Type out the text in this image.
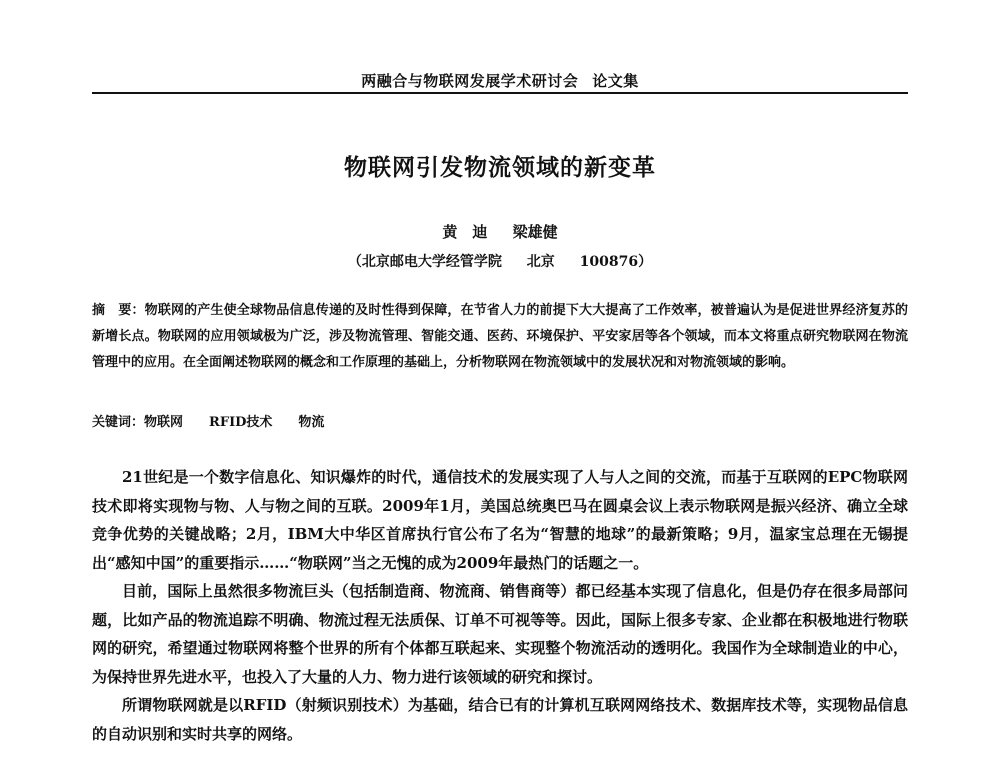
两融合与物联网发展学术研讨会 论文集
物联网引发物流领域的新变革
黄　迪 梁雄健
（北京邮电大学经管学院 北京 100876）
摘　要：物联网的产生使全球物品信息传递的及时性得到保障，在节省人力的前提下大大提高了工作效率，被普遍认为是促进世界经济复苏的新增长点。物联网的应用领域极为广泛，涉及物流管理、智能交通、医药、环境保护、平安家居等各个领域，而本文将重点研究物联网在物流管理中的应用。在全面阐述物联网的概念和工作原理的基础上，分析物联网在物流领域中的发展状况和对物流领域的影响。
关键词：物联网 RFID技术 物流

21世纪是一个数字信息化、知识爆炸的时代，通信技术的发展实现了人与人之间的交流，而基于互联网的EPC物联网技术即将实现物与物、人与物之间的互联。2009年1月，美国总统奥巴马在圆桌会议上表示物联网是振兴经济、确立全球竞争优势的关键战略；2月，IBM大中华区首席执行官公布了名为“智慧的地球”的最新策略；9月，温家宝总理在无锡提出“感知中国”的重要指示……“物联网”当之无愧的成为2009年最热门的话题之一。

目前，国际上虽然很多物流巨头（包括制造商、物流商、销售商等）都已经基本实现了信息化，但是仍存在很多局部问题，比如产品的物流追踪不明确、物流过程无法质保、订单不可视等等。因此，国际上很多专家、企业都在积极地进行物联网的研究，希望通过物联网将整个世界的所有个体都互联起来、实现整个物流活动的透明化。我国作为全球制造业的中心，为保持世界先进水平，也投入了大量的人力、物力进行该领域的研究和探讨。

所谓物联网就是以RFID（射频识别技术）为基础，结合已有的计算机互联网网络技术、数据库技术等，实现物品信息的自动识别和实时共享的网络。
